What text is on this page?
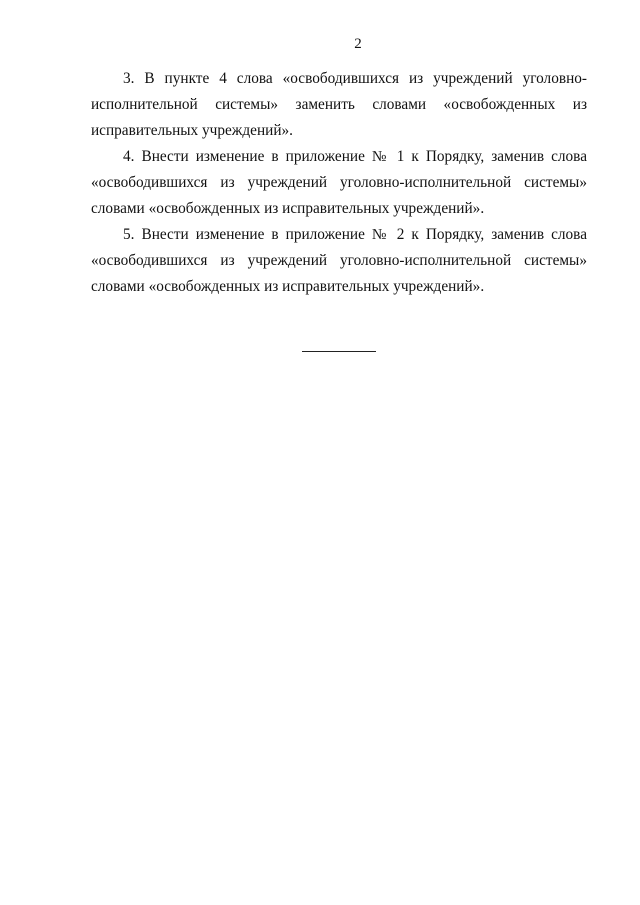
2
3. В пункте 4 слова «освободившихся из учреждений уголовно-
исполнительной системы» заменить словами «освобожденных из
исправительных учреждений».
4. Внести изменение в приложение № 1 к Порядку, заменив слова
«освободившихся из учреждений уголовно-исполнительной системы»
словами «освобожденных из исправительных учреждений».
5. Внести изменение в приложение № 2 к Порядку, заменив слова
«освободившихся из учреждений уголовно-исполнительной системы»
словами «освобожденных из исправительных учреждений».
